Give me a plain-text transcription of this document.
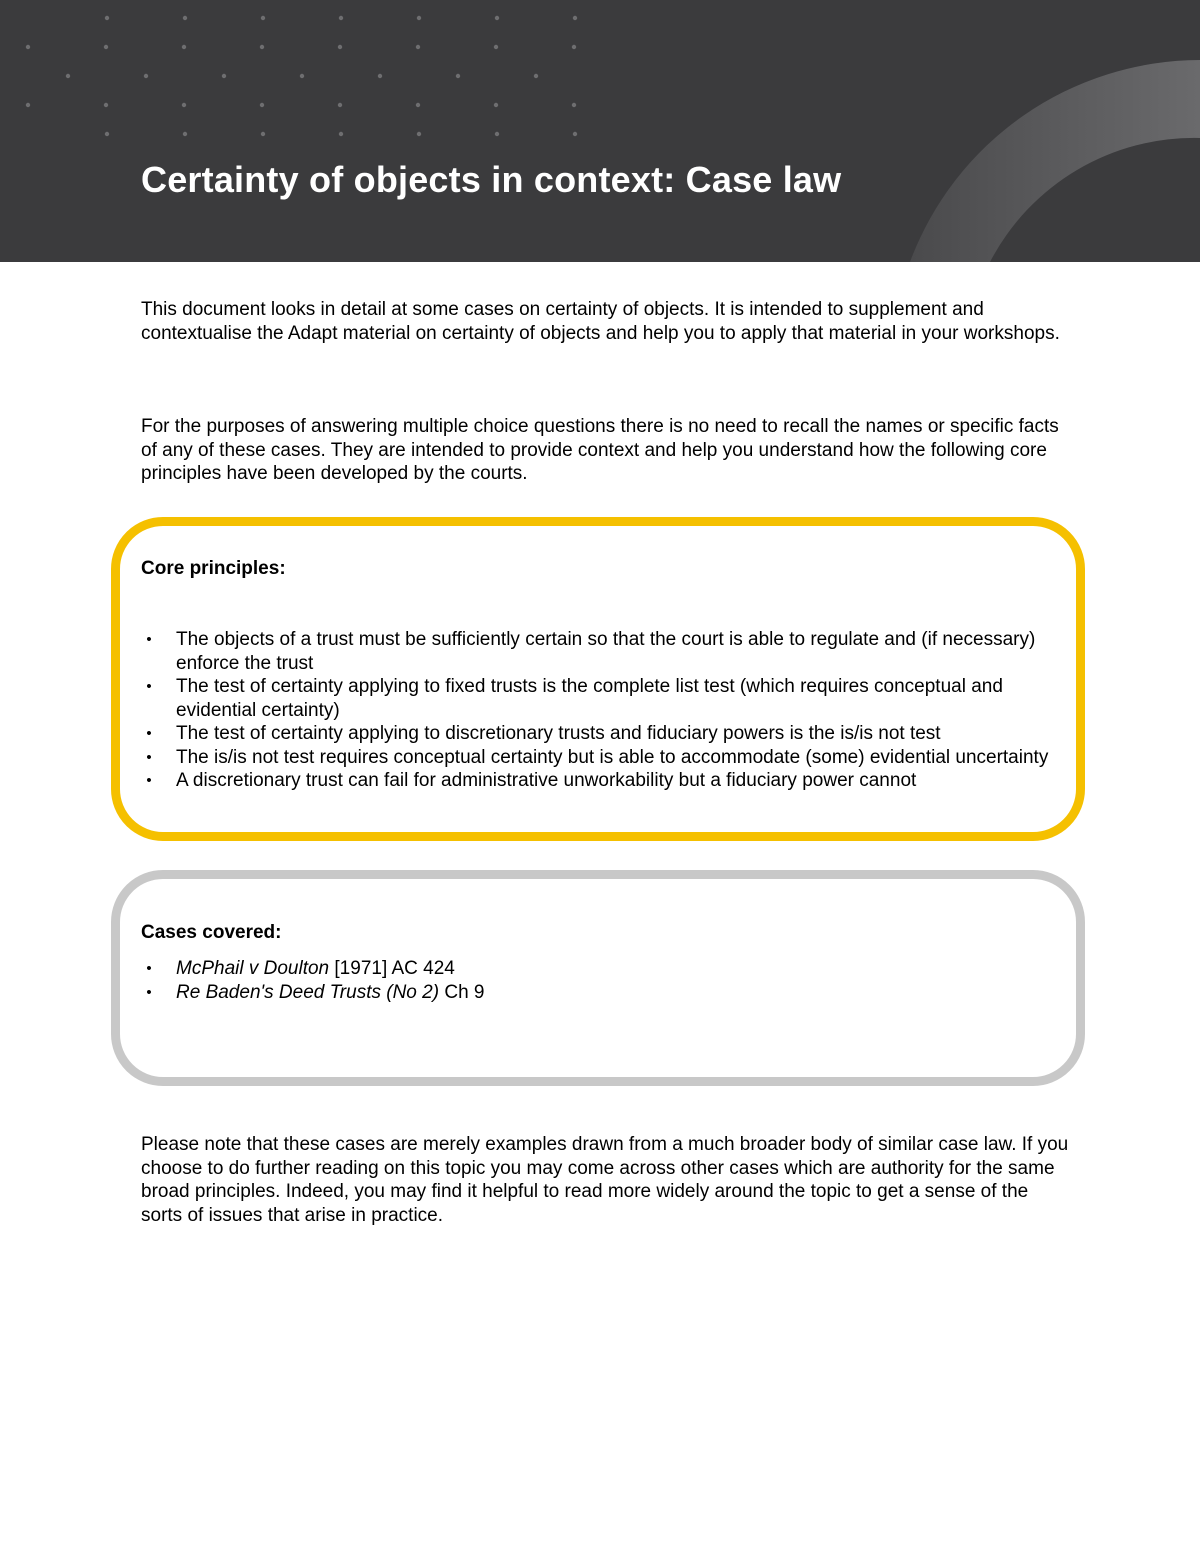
Certainty of objects in context: Case law

This document looks in detail at some cases on certainty of objects. It is intended to supplement and contextualise the Adapt material on certainty of objects and help you to apply that material in your workshops.

For the purposes of answering multiple choice questions there is no need to recall the names or specific facts of any of these cases. They are intended to provide context and help you understand how the following core principles have been developed by the courts.

Core principles:

• The objects of a trust must be sufficiently certain so that the court is able to regulate and (if necessary) enforce the trust
• The test of certainty applying to fixed trusts is the complete list test (which requires conceptual and evidential certainty)
• The test of certainty applying to discretionary trusts and fiduciary powers is the is/is not test
• The is/is not test requires conceptual certainty but is able to accommodate (some) evidential uncertainty
• A discretionary trust can fail for administrative unworkability but a fiduciary power cannot

Cases covered:

• McPhail v Doulton [1971] AC 424
• Re Baden's Deed Trusts (No 2) Ch 9

Please note that these cases are merely examples drawn from a much broader body of similar case law. If you choose to do further reading on this topic you may come across other cases which are authority for the same broad principles. Indeed, you may find it helpful to read more widely around the topic to get a sense of the sorts of issues that arise in practice.
